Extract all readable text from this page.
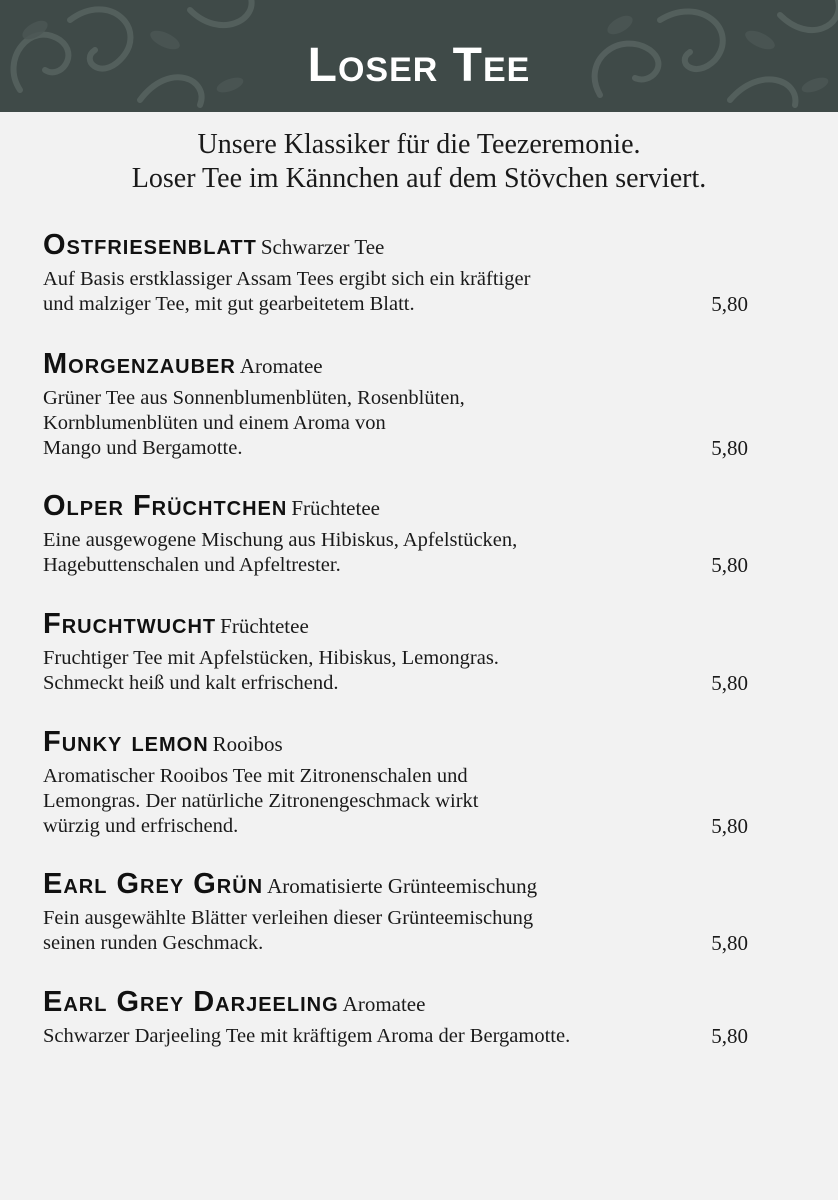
Loser Tee
Unsere Klassiker für die Teezeremonie.
Loser Tee im Kännchen auf dem Stövchen serviert.
Ostfriesenblatt Schwarzer Tee
Auf Basis erstklassiger Assam Tees ergibt sich ein kräftiger
und malziger Tee, mit gut gearbeitetem Blatt.	5,80
Morgenzauber Aromatee
Grüner Tee aus Sonnenblumenblüten, Rosenblüten,
Kornblumenblüten und einem Aroma von
Mango und Bergamotte.	5,80
Olper Früchtchen Früchtetee
Eine ausgewogene Mischung aus Hibiskus, Apfelstücken,
Hagebuttenschalen und Apfeltrester.	5,80
Fruchtwucht Früchtetee
Fruchtiger Tee mit Apfelstücken, Hibiskus, Lemongras.
Schmeckt heiß und kalt erfrischend.	5,80
Funky lemon Rooibos
Aromatischer Rooibos Tee mit Zitronenschalen und
Lemongras. Der natürliche Zitronengeschmack wirkt
würzig und erfrischend.	5,80
Earl Grey Grün Aromatisierte Grünteemischung
Fein ausgewählte Blätter verleihen dieser Grünteemischung
seinen runden Geschmack.	5,80
Earl Grey Darjeeling Aromatee
Schwarzer Darjeeling Tee mit kräftigem Aroma der Bergamotte.	5,80
